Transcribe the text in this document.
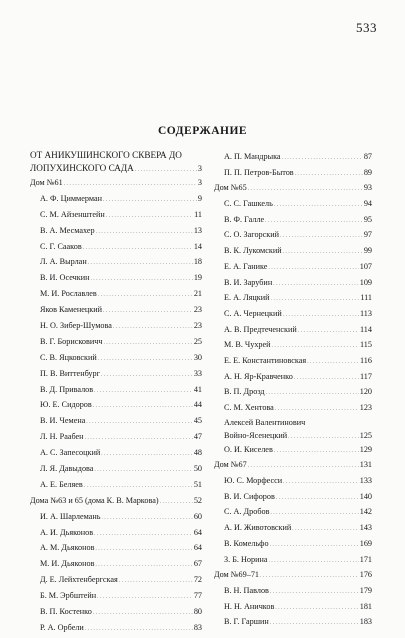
533
СОДЕРЖАНИЕ
ОТ АНИКУШИНСКОГО СКВЕРА ДО
ЛОПУХИНСКОГО САДА . . .	3
Дом №61 . . .	3
А. Ф. Циммерман . . .	9
С. М. Айзенштейн . . .	11
В. А. Месмахер . . .	13
С. Г. Сааков . . .	14
Л. А. Вырлан . . .	18
В. И. Осечкин . . .	19
М. И. Рославлев . . .	21
Яков Каменецкий . . .	23
Н. О. Зибер-Шумова . . .	23
В. Г. Борисковичч . . .	25
С. В. Яцковский . . .	30
П. В. Виттенбург . . .	33
В. Д. Привалов . . .	41
Ю. Е. Сидоров . . .	44
В. И. Чемена . . .	45
Л. Н. Раабен . . .	47
А. С. Запесоцкий . . .	48
Л. Я. Давыдова . . .	50
А. Е. Беляев . . .	51
Дома №63 и 65 (дома К. В. Маркова) . . .	52
И. А. Шарлемань . . .	60
А. И. Дьяконов . . .	64
А. М. Дьяконов . . .	64
М. И. Дьяконов . . .	67
Д. Е. Лейхтенбергская . . .	72
Б. М. Эрбштейн . . .	77
В. П. Костенко . . .	80
Р. А. Орбели . . .	83
А. П. Мандрыка . . .	87
П. П. Петров-Бытов . . .	89
Дом №65 . . .	93
С. С. Гашкель . . .	94
В. Ф. Галле . . .	95
С. О. Загорский . . .	97
В. К. Лукомский . . .	99
Е. А. Ганике . . .	107
В. И. Зарубин . . .	109
Е. А. Ляцкий . . .	111
С. А. Чернецкий . . .	113
А. В. Предтеченский . . .	114
М. В. Чухрей . . .	115
Е. Е. Константиновская . . .	116
А. Н. Яр-Кравченко . . .	117
В. П. Дрозд . . .	120
С. М. Хентова . . .	123
Алексей Валентинович
Войно-Ясенецкий . . .	125
О. И. Киселев . . .	129
Дом №67 . . .	131
Ю. С. Морфесси . . .	133
В. И. Сифоров . . .	140
С. А. Дробов . . .	142
А. И. Животовский . . .	143
В. Комельфо . . .	169
З. Б. Норина . . .	171
Дом №69–71 . . .	176
В. Н. Павлов . . .	179
Н. Н. Аничков . . .	181
В. Г. Гаршин . . .	183
